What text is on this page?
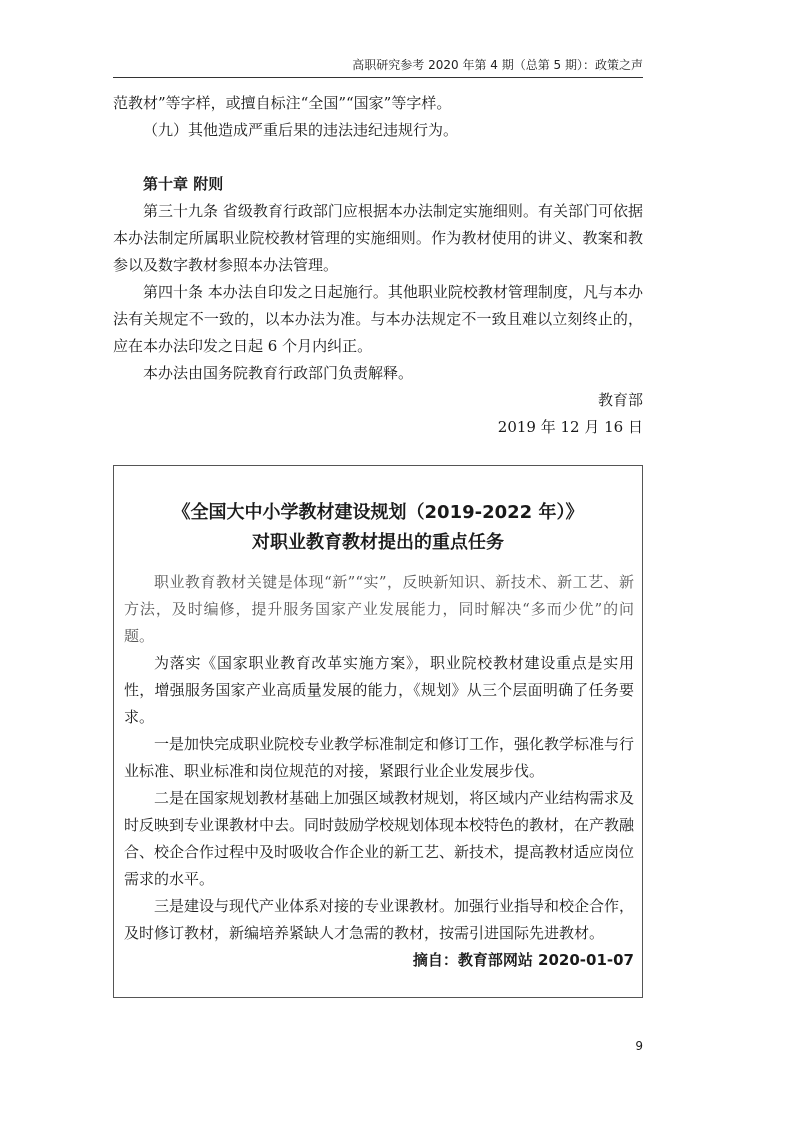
高职研究参考 2020 年第 4 期（总第 5 期）：政策之声

范教材”等字样，或擅自标注“全国”“国家”等字样。

（九）其他造成严重后果的违法违纪违规行为。

第十章 附则

第三十九条 省级教育行政部门应根据本办法制定实施细则。有关部门可依据本办法制定所属职业院校教材管理的实施细则。作为教材使用的讲义、教案和教参以及数字教材参照本办法管理。

第四十条 本办法自印发之日起施行。其他职业院校教材管理制度，凡与本办法有关规定不一致的，以本办法为准。与本办法规定不一致且难以立刻终止的，应在本办法印发之日起 6 个月内纠正。

本办法由国务院教育行政部门负责解释。

教育部

2019 年 12 月 16 日

《全国大中小学教材建设规划（2019-2022 年）》
对职业教育教材提出的重点任务

职业教育教材关键是体现“新”“实”，反映新知识、新技术、新工艺、新方法，及时编修，提升服务国家产业发展能力，同时解决“多而少优”的问题。

为落实《国家职业教育改革实施方案》，职业院校教材建设重点是实用性，增强服务国家产业高质量发展的能力，《规划》从三个层面明确了任务要求。

一是加快完成职业院校专业教学标准制定和修订工作，强化教学标准与行业标准、职业标准和岗位规范的对接，紧跟行业企业发展步伐。

二是在国家规划教材基础上加强区域教材规划，将区域内产业结构需求及时反映到专业课教材中去。同时鼓励学校规划体现本校特色的教材，在产教融合、校企合作过程中及时吸收合作企业的新工艺、新技术，提高教材适应岗位需求的水平。

三是建设与现代产业体系对接的专业课教材。加强行业指导和校企合作，及时修订教材，新编培养紧缺人才急需的教材，按需引进国际先进教材。

摘自：教育部网站 2020-01-07

9
